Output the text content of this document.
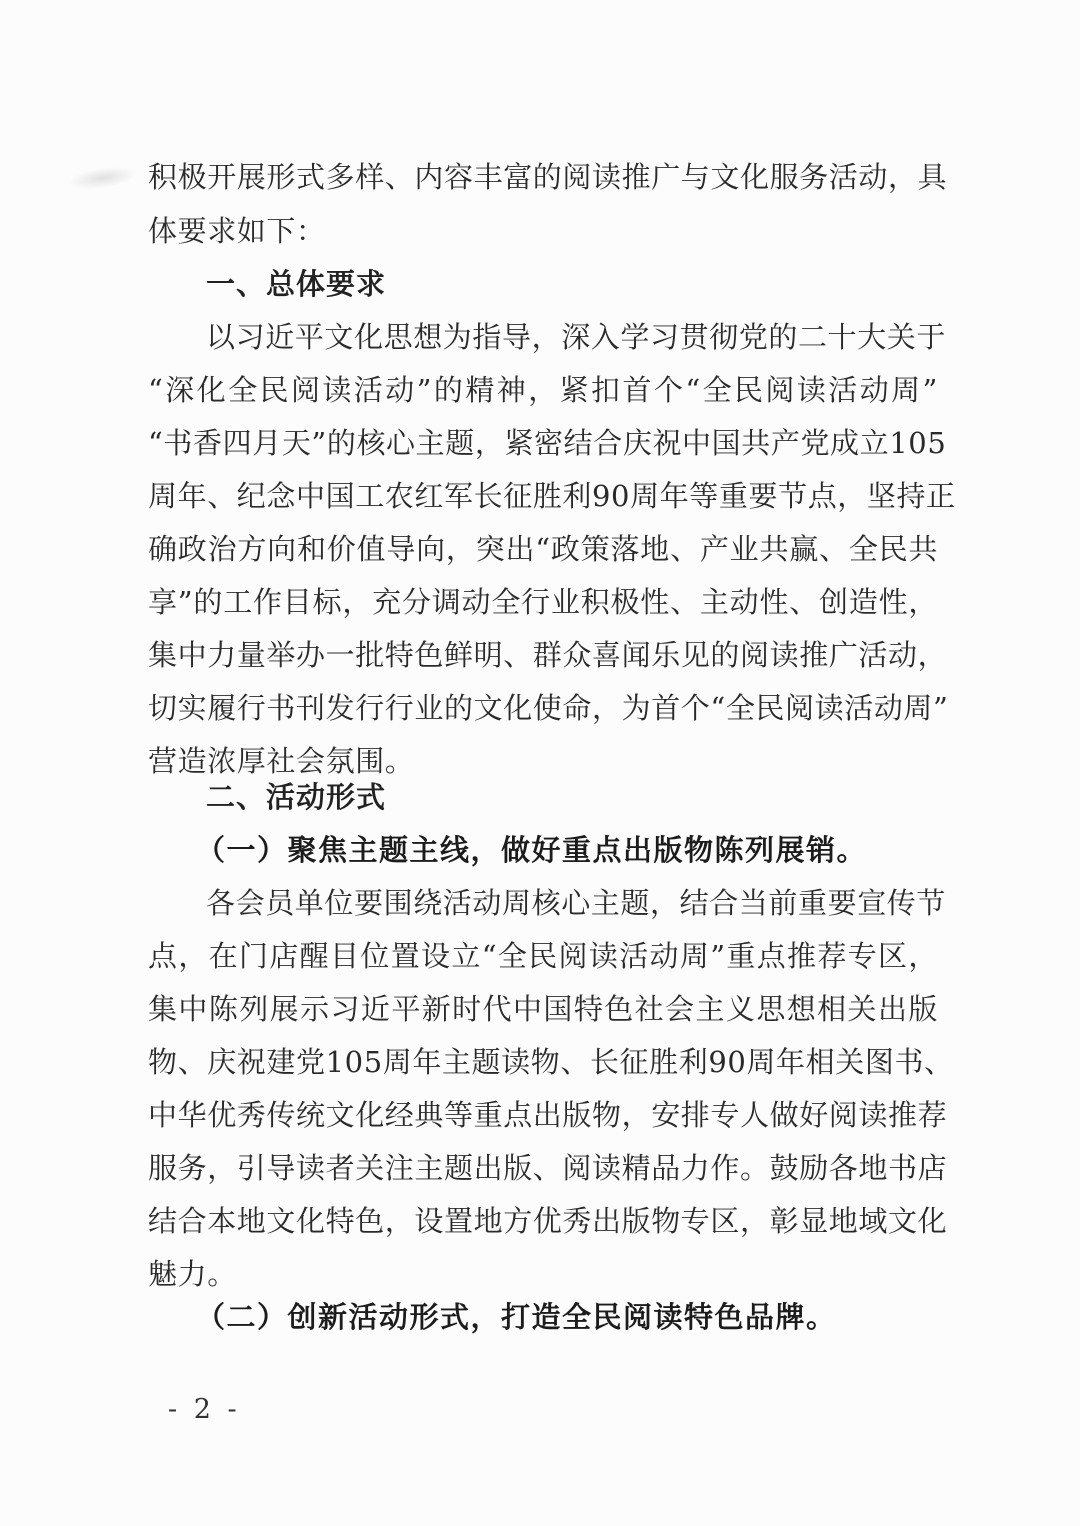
积极开展形式多样、内容丰富的阅读推广与文化服务活动，具
体要求如下：
一、总体要求
以习近平文化思想为指导，深入学习贯彻党的二十大关于
“深化全民阅读活动”的精神，紧扣首个“全民阅读活动周”
“书香四月天”的核心主题，紧密结合庆祝中国共产党成立105
周年、纪念中国工农红军长征胜利90周年等重要节点，坚持正
确政治方向和价值导向，突出“政策落地、产业共赢、全民共
享”的工作目标，充分调动全行业积极性、主动性、创造性，
集中力量举办一批特色鲜明、群众喜闻乐见的阅读推广活动，
切实履行书刊发行行业的文化使命，为首个“全民阅读活动周”
营造浓厚社会氛围。
二、活动形式
（一）聚焦主题主线，做好重点出版物陈列展销。
各会员单位要围绕活动周核心主题，结合当前重要宣传节
点，在门店醒目位置设立“全民阅读活动周”重点推荐专区，
集中陈列展示习近平新时代中国特色社会主义思想相关出版
物、庆祝建党105周年主题读物、长征胜利90周年相关图书、
中华优秀传统文化经典等重点出版物，安排专人做好阅读推荐
服务，引导读者关注主题出版、阅读精品力作。鼓励各地书店
结合本地文化特色，设置地方优秀出版物专区，彰显地域文化
魅力。
（二）创新活动形式，打造全民阅读特色品牌。
- 2 -
